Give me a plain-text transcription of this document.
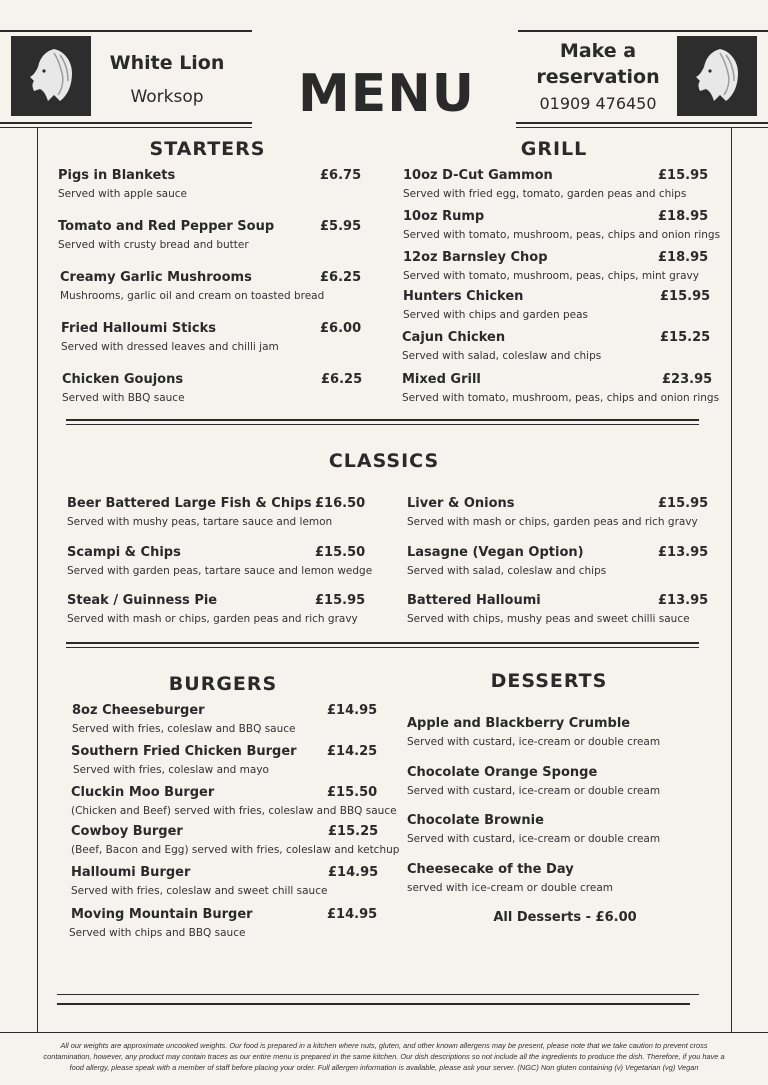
White Lion
Worksop	MENU
Make a
reservation
01909 476450
STARTERS
Pigs in Blankets	£6.75
Served with apple sauce
Tomato and Red Pepper Soup	£5.95
Served with crusty bread and butter
Creamy Garlic Mushrooms	£6.25
Mushrooms, garlic oil and cream on toasted bread
Fried Halloumi Sticks	£6.00
Served with dressed leaves and chilli jam
Chicken Goujons	£6.25
Served with BBQ sauce
GRILL
10oz D-Cut Gammon	£15.95
Served with fried egg, tomato, garden peas and chips
10oz Rump	£18.95
Served with tomato, mushroom, peas, chips and onion rings
12oz Barnsley Chop	£18.95
Served with tomato, mushroom, peas, chips, mint gravy
Hunters Chicken	£15.95
Served with chips and garden peas
Cajun Chicken	£15.25
Served with salad, coleslaw and chips
Mixed Grill	£23.95
Served with tomato, mushroom, peas, chips and onion rings
CLASSICS
Beer Battered Large Fish & Chips £16.50
Served with mushy peas, tartare sauce and lemon
Scampi & Chips	£15.50
Served with garden peas, tartare sauce and lemon wedge
Steak / Guinness Pie	£15.95
Served with mash or chips, garden peas and rich gravy
Liver & Onions	£15.95
Served with mash or chips, garden peas and rich gravy
Lasagne (Vegan Option)	£13.95
Served with salad, coleslaw and chips
Battered Halloumi	£13.95
Served with chips, mushy peas and sweet chilli sauce
BURGERS
8oz Cheeseburger	£14.95
Served with fries, coleslaw and BBQ sauce
Southern Fried Chicken Burger	£14.25
Served with fries, coleslaw and mayo
Cluckin Moo Burger	£15.50
(Chicken and Beef) served with fries, coleslaw and BBQ sauce
Cowboy Burger	£15.25
(Beef, Bacon and Egg) served with fries, coleslaw and ketchup
Halloumi Burger	£14.95
Served with fries, coleslaw and sweet chill sauce
Moving Mountain Burger	£14.95
Served with chips and BBQ sauce
DESSERTS
Apple and Blackberry Crumble
Served with custard, ice-cream or double cream
Chocolate Orange Sponge
Served with custard, ice-cream or double cream
Chocolate Brownie
Served with custard, ice-cream or double cream
Cheesecake of the Day
served with ice-cream or double cream
All Desserts - £6.00
All our weights are approximate uncooked weights. Our food is prepared in a kitchen where nuts, gluten, and other known allergens may be present, please note that we take caution to prevent cross contamination, however, any product may contain traces as our entire menu is prepared in the same kitchen. Our dish descriptions so not include all the ingredients to produce the dish. Therefore, if you have a food allergy, please speak with a member of staff before placing your order. Full allergen information is available, please ask your server. (NGC) Non gluten containing (v) Vegetarian (vg) Vegan
